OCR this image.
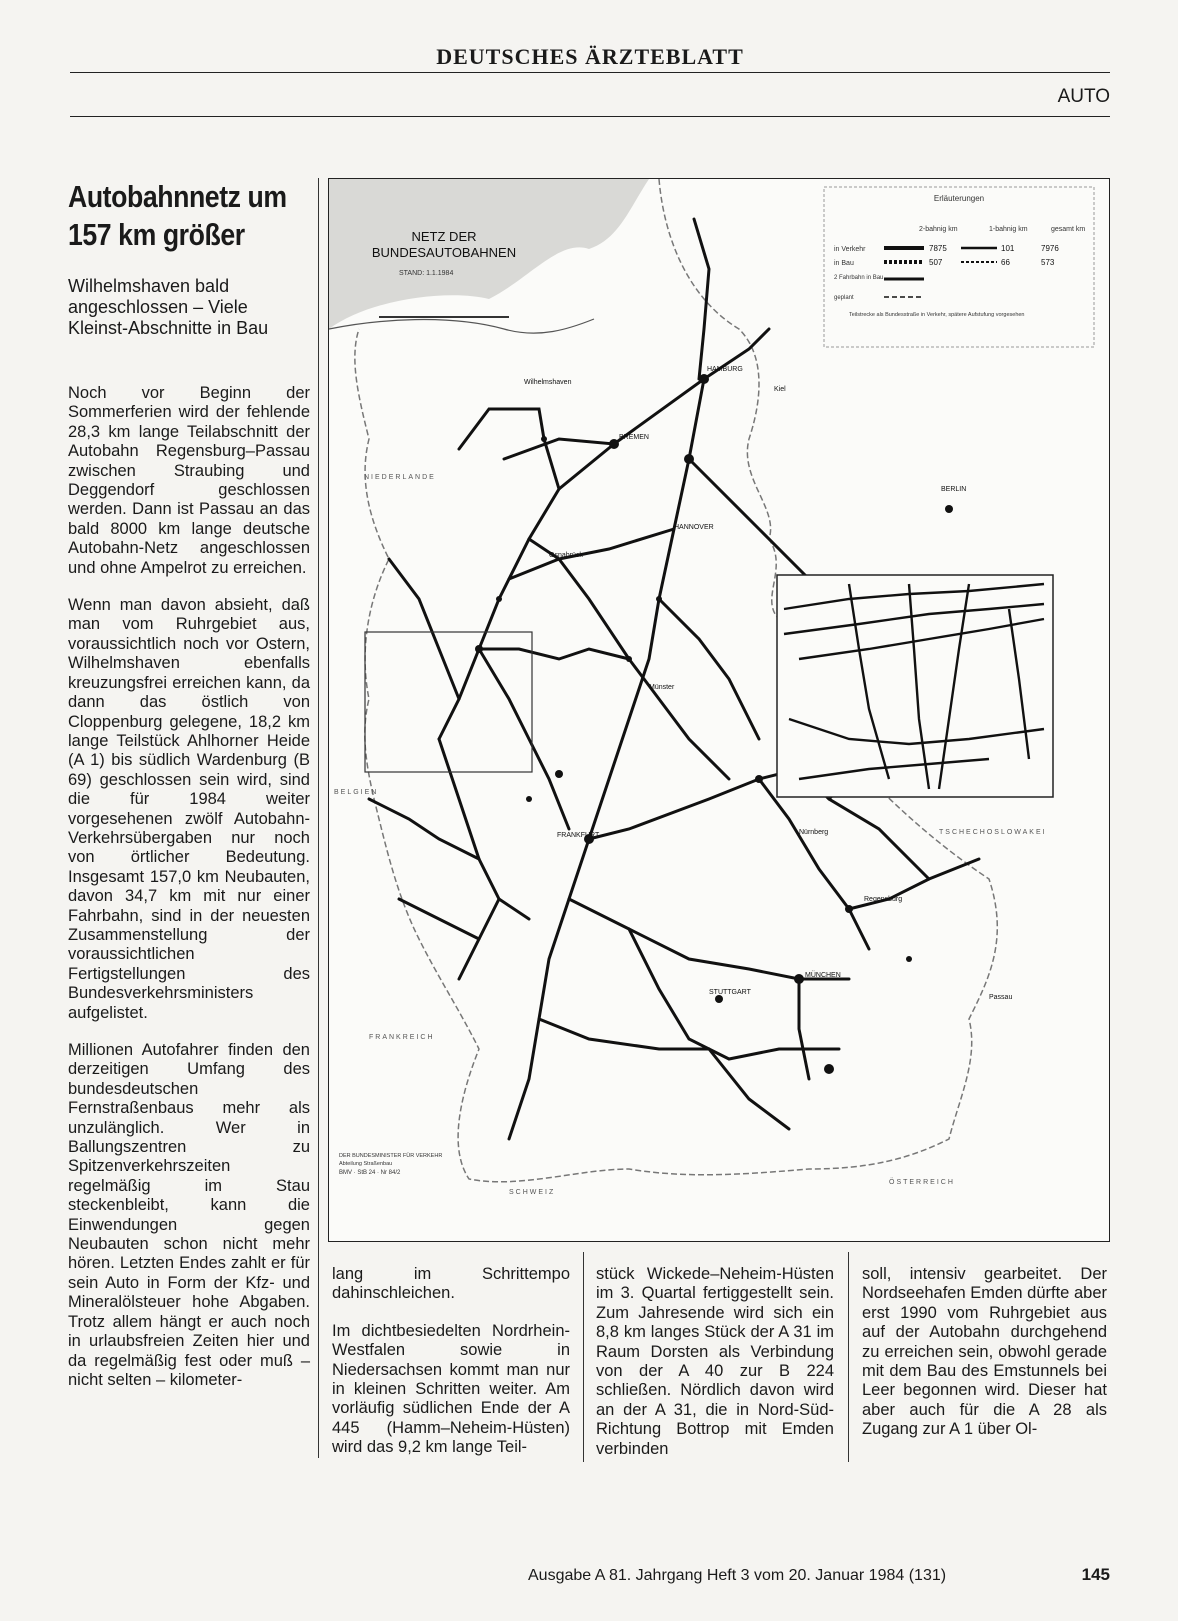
DEUTSCHES ÄRZTEBLATT
AUTO
Autobahnnetz um 157 km größer
Wilhelmshaven bald angeschlossen – Viele Kleinst-Abschnitte in Bau

Noch vor Beginn der Sommerferien wird der fehlende 28,3 km lange Teilabschnitt der Autobahn Regensburg–Passau zwischen Straubing und Deggendorf geschlossen werden. Dann ist Passau an das bald 8000 km lange deutsche Autobahn-Netz angeschlossen und ohne Ampelrot zu erreichen.

Wenn man davon absieht, daß man vom Ruhrgebiet aus, voraussichtlich noch vor Ostern, Wilhelmshaven ebenfalls kreuzungsfrei erreichen kann, da dann das östlich von Cloppenburg gelegene, 18,2 km lange Teilstück Ahlhorner Heide (A 1) bis südlich Wardenburg (B 69) geschlossen sein wird, sind die für 1984 weiter vorgesehenen zwölf Autobahn-Verkehrsübergaben nur noch von örtlicher Bedeutung. Insgesamt 157,0 km Neubauten, davon 34,7 km mit nur einer Fahrbahn, sind in der neuesten Zusammenstellung der voraussichtlichen Fertigstellungen des Bundesverkehrsministers aufgelistet.

Millionen Autofahrer finden den derzeitigen Umfang des bundesdeutschen Fernstraßenbaus mehr als unzulänglich. Wer in Ballungszentren zu Spitzenverkehrszeiten regelmäßig im Stau steckenbleibt, kann die Einwendungen gegen Neubauten schon nicht mehr hören. Letzten Endes zahlt er für sein Auto in Form der Kfz- und Mineralölsteuer hohe Abgaben. Trotz allem hängt er auch noch in urlaubsfreien Zeiten hier und da regelmäßig fest oder muß – nicht selten – kilometer-

Erläuterungen
2-bahnig km	1-bahnig km	gesamt km
in Verkehr	7875	101	7976
in Bau	507	66	573
2 Fahrbahn in Bau
geplant
Teilstrecke als Bundesstraße in Verkehr, spätere Aufstufung vorgesehen
NETZ DER
BUNDESAUTOBAHNEN
STAND: 1.1.1984
HAMBURG
BREMEN
HANNOVER
BERLIN
FRANKFURT
STUTTGART
MÜNCHEN
Kiel
Wilhelmshaven
Osnabrück
Münster
Nürnberg
Regensburg
Passau
NIEDERLANDE
BELGIEN
FRANKREICH
SCHWEIZ
ÖSTERREICH
TSCHECHOSLOWAKEI
DER BUNDESMINISTER FÜR VERKEHR
Abteilung Straßenbau
BMV · StB 24 · Nr 84/2

lang im Schrittempo dahinschleichen.

Im dichtbesiedelten Nordrhein-Westfalen sowie in Niedersachsen kommt man nur in kleinen Schritten weiter. Am vorläufig südlichen Ende der A 445 (Hamm–Neheim-Hüsten) wird das 9,2 km lange Teil-

stück Wickede–Neheim-Hüsten im 3. Quartal fertiggestellt sein. Zum Jahresende wird sich ein 8,8 km langes Stück der A 31 im Raum Dorsten als Verbindung von der A 40 zur B 224 schließen. Nördlich davon wird an der A 31, die in Nord-Süd-Richtung Bottrop mit Emden verbinden

soll, intensiv gearbeitet. Der Nordseehafen Emden dürfte aber erst 1990 vom Ruhrgebiet aus auf der Autobahn durchgehend zu erreichen sein, obwohl gerade mit dem Bau des Emstunnels bei Leer begonnen wird. Dieser hat aber auch für die A 28 als Zugang zur A 1 über Ol-

Ausgabe A 81. Jahrgang Heft 3 vom 20. Januar 1984 (131)	145
